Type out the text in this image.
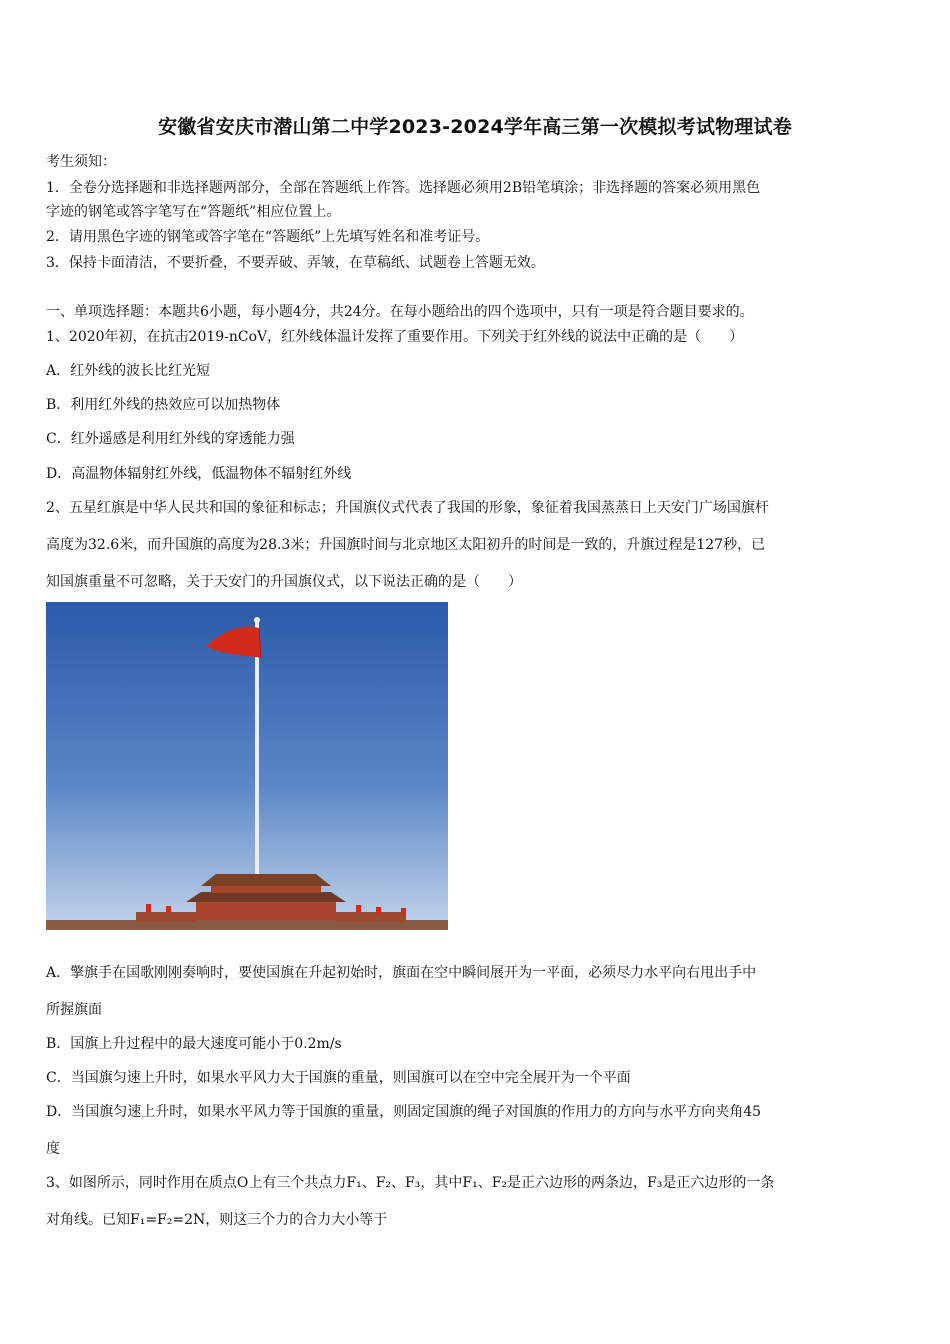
安徽省安庆市潜山第二中学2023-2024学年高三第一次模拟考试物理试卷
考生须知：
1．全卷分选择题和非选择题两部分，全部在答题纸上作答。选择题必须用2B铅笔填涂；非选择题的答案必须用黑色
字迹的钢笔或答字笔写在“答题纸”相应位置上。
2．请用黑色字迹的钢笔或答字笔在“答题纸”上先填写姓名和准考证号。
3．保持卡面清洁，不要折叠，不要弄破、弄皱，在草稿纸、试题卷上答题无效。
一、单项选择题：本题共6小题，每小题4分，共24分。在每小题给出的四个选项中，只有一项是符合题目要求的。
1、2020年初，在抗击2019-nCoV，红外线体温计发挥了重要作用。下列关于红外线的说法中正确的是（　　）
A．红外线的波长比红光短
B．利用红外线的热效应可以加热物体
C．红外遥感是利用红外线的穿透能力强
D．高温物体辐射红外线，低温物体不辐射红外线
2、五星红旗是中华人民共和国的象征和标志；升国旗仪式代表了我国的形象，象征着我国蒸蒸日上天安门广场国旗杆
高度为32.6米，而升国旗的高度为28.3米；升国旗时间与北京地区太阳初升的时间是一致的，升旗过程是127秒，已
知国旗重量不可忽略，关于天安门的升国旗仪式，以下说法正确的是（　　）
A．擎旗手在国歌刚刚奏响时，要使国旗在升起初始时，旗面在空中瞬间展开为一平面，必须尽力水平向右甩出手中
所握旗面
B．国旗上升过程中的最大速度可能小于0.2m/s
C．当国旗匀速上升时，如果水平风力大于国旗的重量，则国旗可以在空中完全展开为一个平面
D．当国旗匀速上升时，如果水平风力等于国旗的重量，则固定国旗的绳子对国旗的作用力的方向与水平方向夹角45
度
3、如图所示，同时作用在质点O上有三个共点力F₁、F₂、F₃，其中F₁、F₂是正六边形的两条边，F₃是正六边形的一条
对角线。已知F₁=F₂=2N，则这三个力的合力大小等于
